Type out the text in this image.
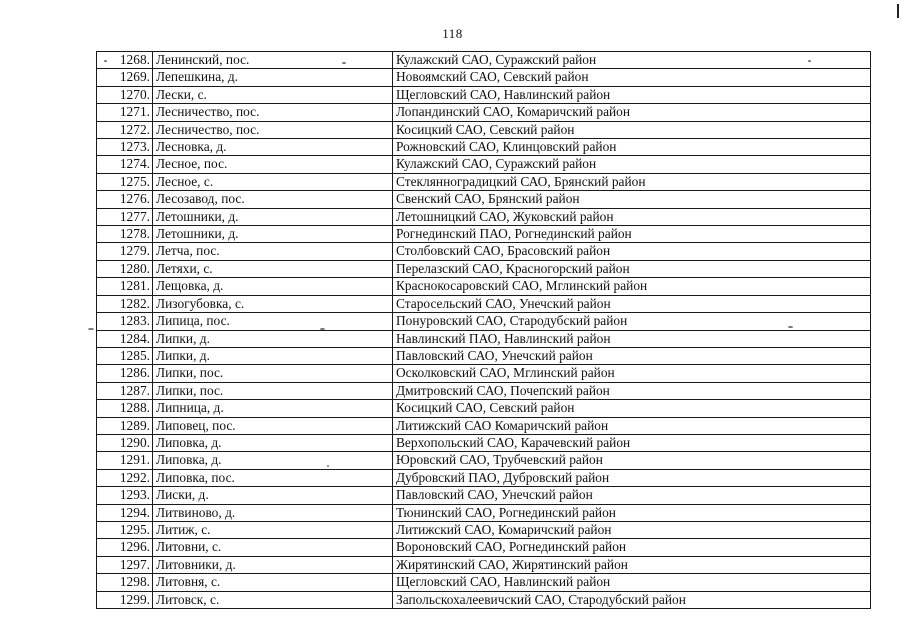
118
1268.	Ленинский, пос.	Кулажский САО, Суражский район
1269.	Лепешкина, д.	Новоямский САО, Севский район
1270.	Лески, с.	Щегловский САО, Навлинский район
1271.	Лесничество, пос.	Лопандинский САО, Комаричский район
1272.	Лесничество, пос.	Косицкий САО, Севский район
1273.	Лесновка, д.	Рожновский САО, Клинцовский район
1274.	Лесное, пос.	Кулажский САО, Суражский район
1275.	Лесное, с.	Стеклянноградицкий САО, Брянский район
1276.	Лесозавод, пос.	Свенский САО, Брянский район
1277.	Летошники, д.	Летошницкий САО, Жуковский район
1278.	Летошники, д.	Рогнединский ПАО, Рогнединский район
1279.	Летча, пос.	Столбовский САО, Брасовский район
1280.	Летяхи, с.	Перелазский САО, Красногорский район
1281.	Лещовка, д.	Краснокосаровский САО, Мглинский район
1282.	Лизогубовка, с.	Старосельский САО, Унечский район
1283.	Липица, пос.	Понуровский САО, Стародубский район
1284.	Липки, д.	Навлинский ПАО, Навлинский район
1285.	Липки, д.	Павловский САО, Унечский район
1286.	Липки, пос.	Осколковский САО, Мглинский район
1287.	Липки, пос.	Дмитровский САО, Почепский район
1288.	Липница, д.	Косицкий САО, Севский район
1289.	Липовец, пос.	Литижский САО Комаричский район
1290.	Липовка, д.	Верхопольский САО, Карачевский район
1291.	Липовка, д.	Юровский САО, Трубчевский район
1292.	Липовка, пос.	Дубровский ПАО, Дубровский район
1293.	Лиски, д.	Павловский САО, Унечский район
1294.	Литвиново, д.	Тюнинский САО, Рогнединский район
1295.	Литиж, с.	Литижский САО, Комаричский район
1296.	Литовни, с.	Вороновский САО, Рогнединский район
1297.	Литовники, д.	Жирятинский САО, Жирятинский район
1298.	Литовня, с.	Щегловский САО, Навлинский район
1299.	Литовск, с.	Запольскохалеевичский САО, Стародубский район
